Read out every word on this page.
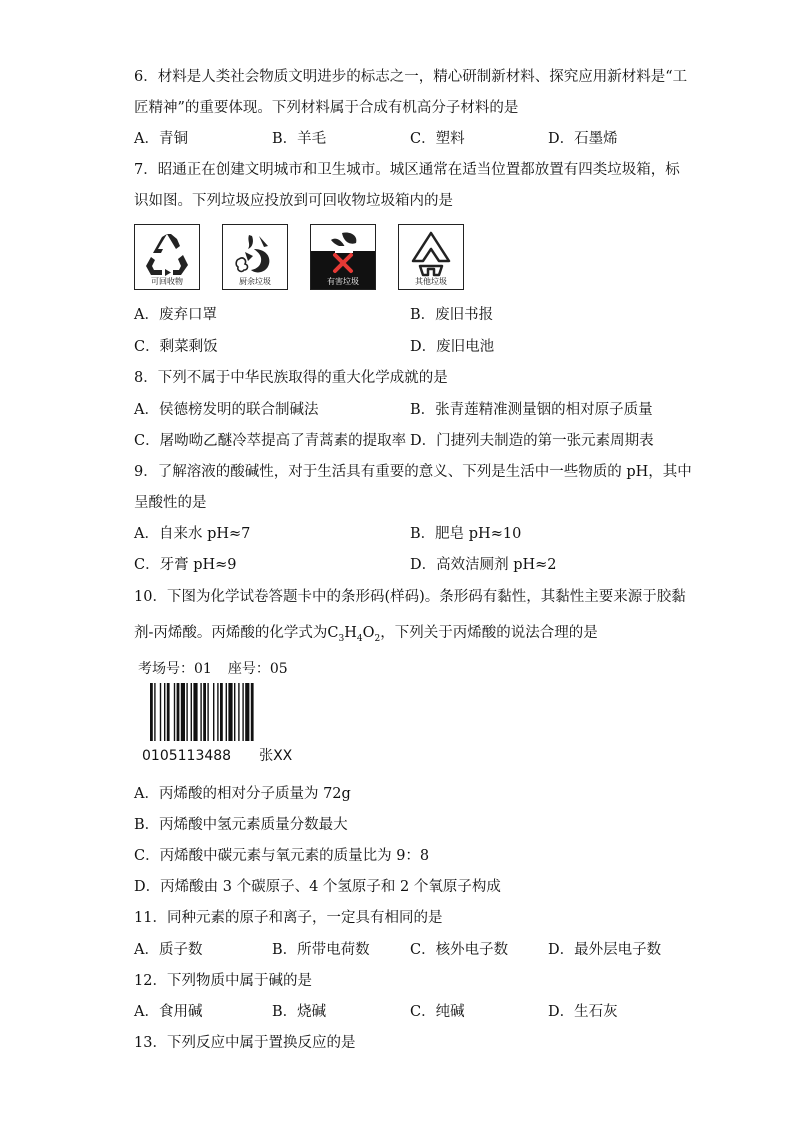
6．材料是人类社会物质文明进步的标志之一，精心研制新材料、探究应用新材料是“工
匠精神”的重要体现。下列材料属于合成有机高分子材料的是
A．青铜	B．羊毛	C．塑料	D．石墨烯
7．昭通正在创建文明城市和卫生城市。城区通常在适当位置都放置有四类垃圾箱，标
识如图。下列垃圾应投放到可回收物垃圾箱内的是
可回收物	厨余垃圾	有害垃圾	其他垃圾
A．废弃口罩	B．废旧书报
C．剩菜剩饭	D．废旧电池
8．下列不属于中华民族取得的重大化学成就的是
A．侯德榜发明的联合制碱法	B．张青莲精准测量铟的相对原子质量
C．屠呦呦乙醚冷萃提高了青蒿素的提取率 D．门捷列夫制造的第一张元素周期表
9．了解溶液的酸碱性，对于生活具有重要的意义、下列是生活中一些物质的 pH，其中
呈酸性的是
A．自来水 pH≈7	B．肥皂 pH≈10
C．牙膏 pH≈9	D．高效洁厕剂 pH≈2
10．下图为化学试卷答题卡中的条形码(样码)。条形码有黏性，其黏性主要来源于胶黏
剂-丙烯酸。丙烯酸的化学式为$C_3H_4O_2$，下列关于丙烯酸的说法合理的是
考场号：01 座号：05
0105113488 张XX
A．丙烯酸的相对分子质量为 72g
B．丙烯酸中氢元素质量分数最大
C．丙烯酸中碳元素与氧元素的质量比为 9：8
D．丙烯酸由 3 个碳原子、4 个氢原子和 2 个氧原子构成
11．同种元素的原子和离子，一定具有相同的是
A．质子数	B．所带电荷数	C．核外电子数	D．最外层电子数
12．下列物质中属于碱的是
A．食用碱	B．烧碱	C．纯碱	D．生石灰
13．下列反应中属于置换反应的是
